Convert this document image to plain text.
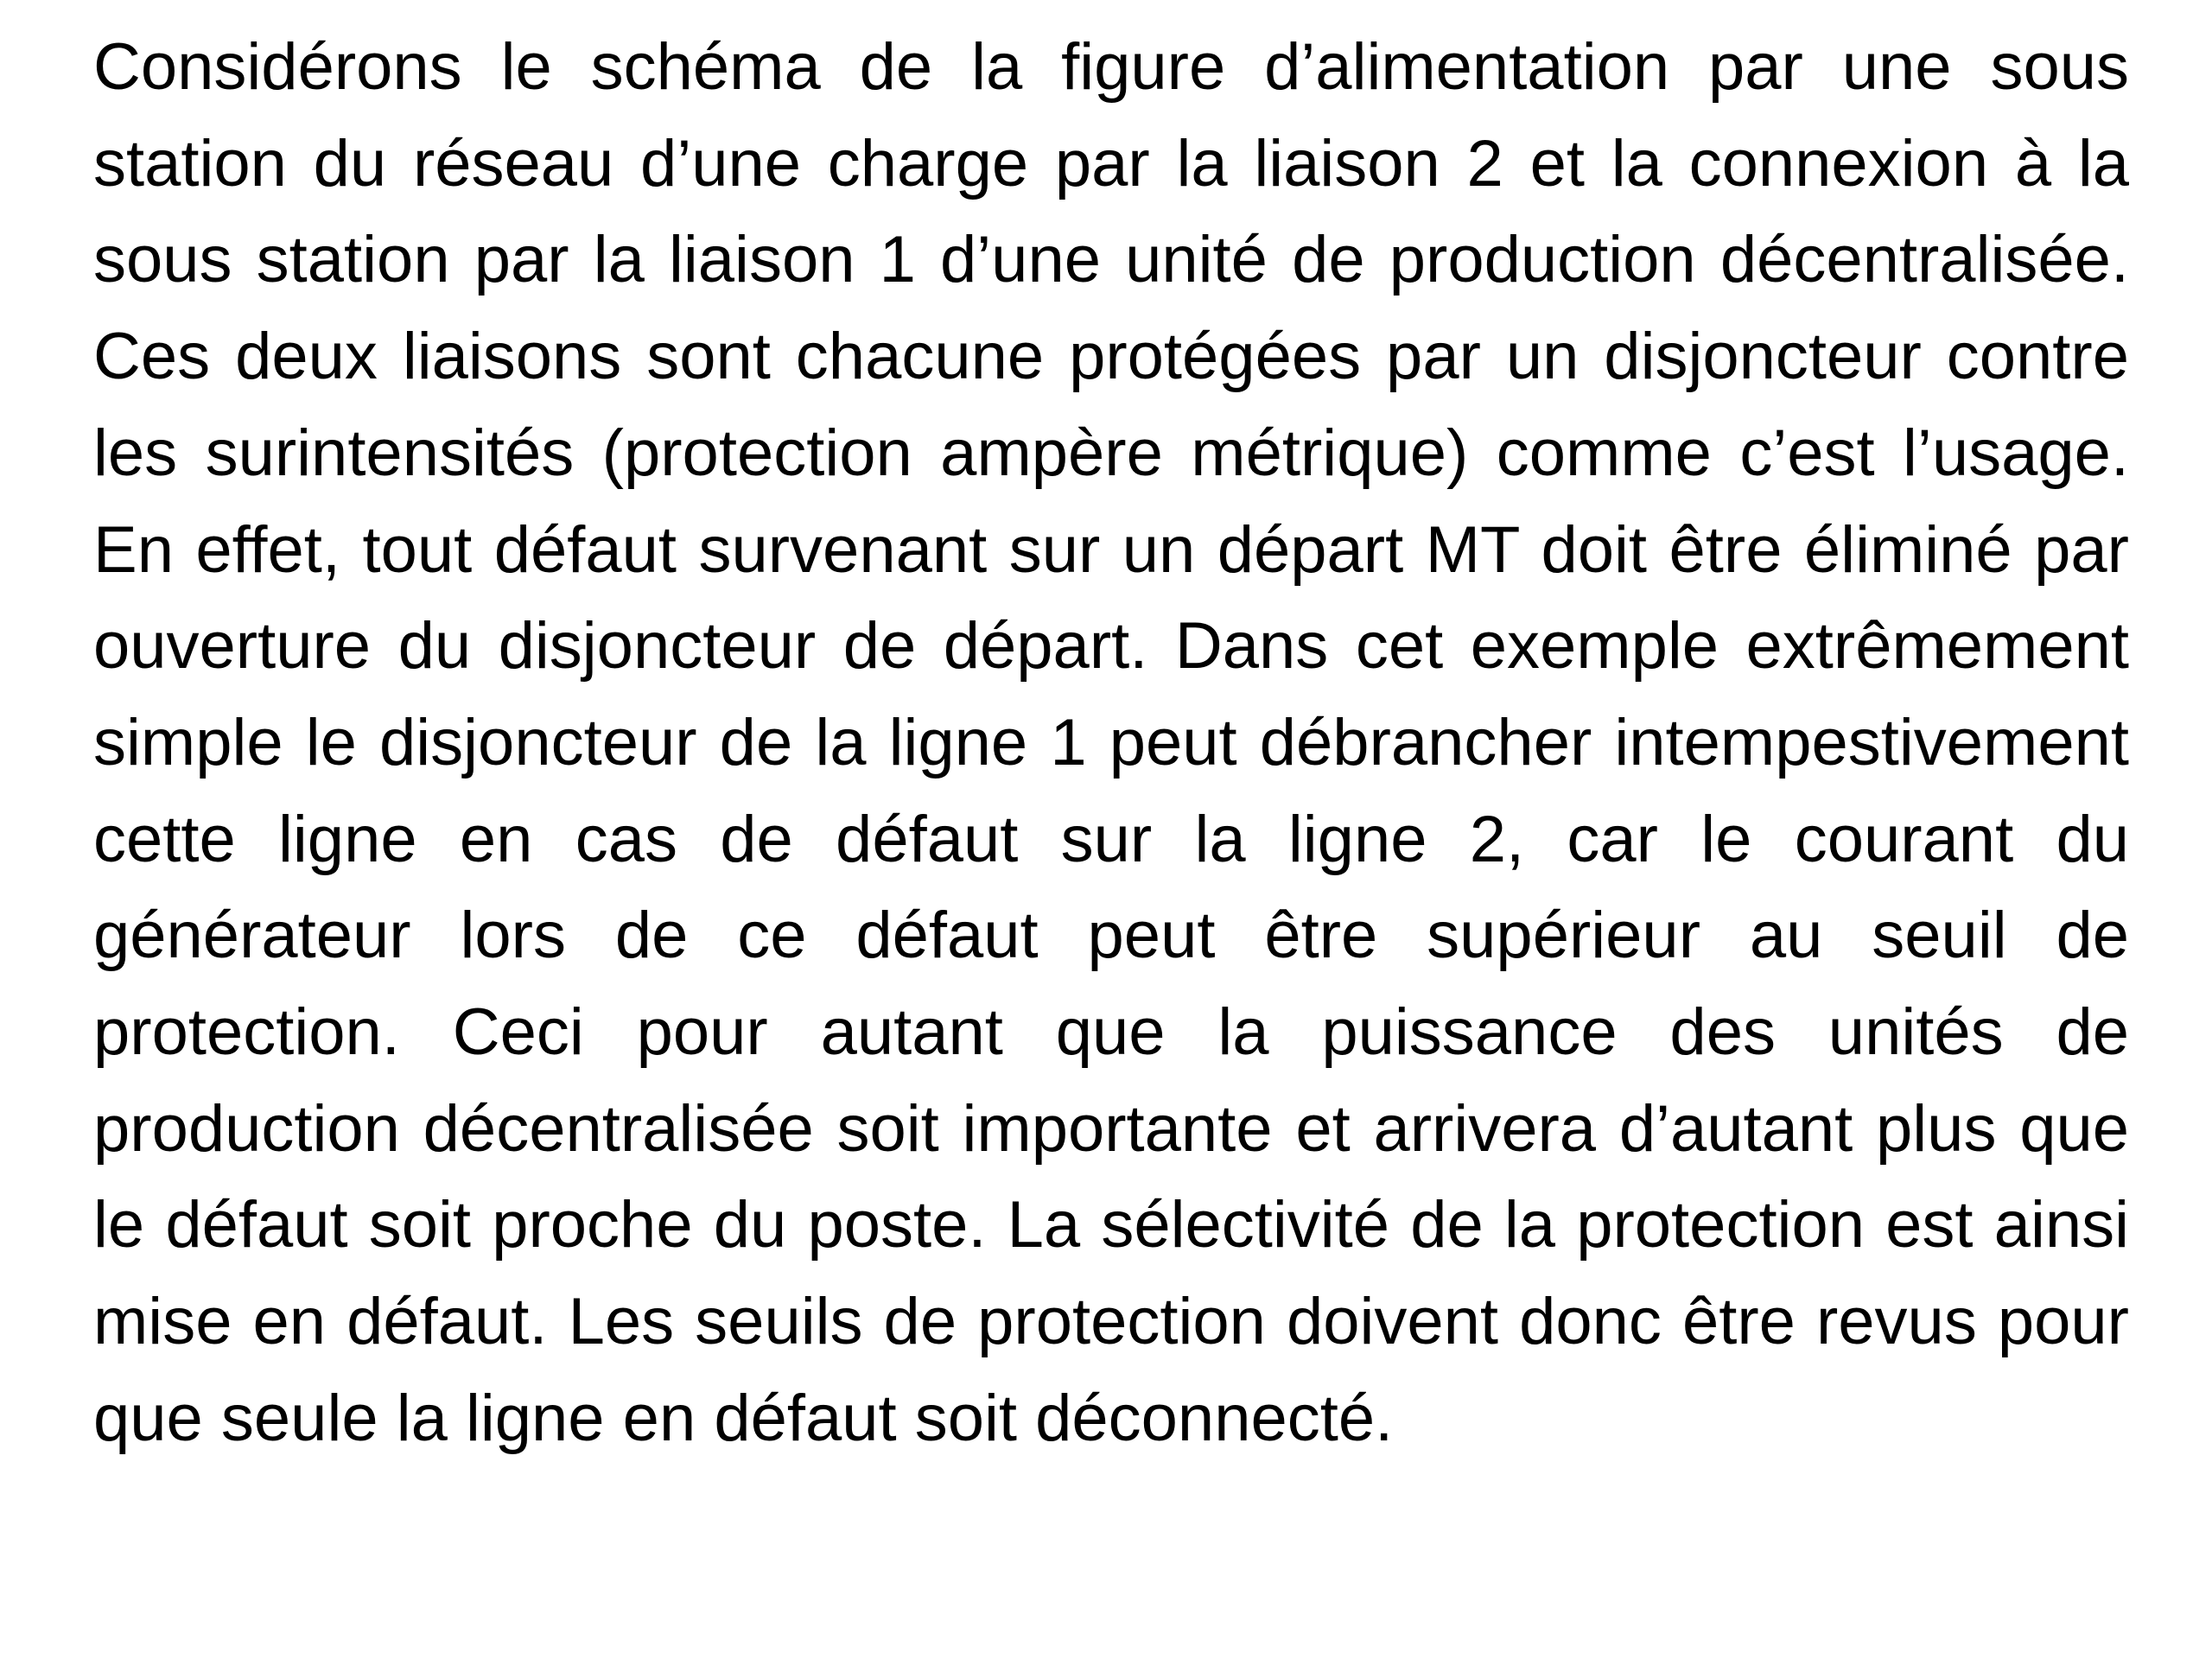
Considérons le schéma de la figure d’alimentation par une sous station du réseau d’une charge par la liaison 2 et la connexion à la sous station par la liaison 1 d’une unité de production décentralisée. Ces deux liaisons sont chacune protégées par un disjoncteur contre les surintensités (protection ampère métrique) comme c’est l’usage. En effet, tout défaut survenant sur un départ MT doit être éliminé par ouverture du disjoncteur de départ. Dans cet exemple extrêmement simple le disjoncteur de la ligne 1 peut débrancher intempestivement cette ligne en cas de défaut sur la ligne 2, car le courant du générateur lors de ce défaut peut être supérieur au seuil de protection. Ceci pour autant que la puissance des unités de production décentralisée soit importante et arrivera d’autant plus que le défaut soit proche du poste. La sélectivité de la protection est ainsi mise en défaut. Les seuils de protection doivent donc être revus pour que seule la ligne en défaut soit déconnecté.
